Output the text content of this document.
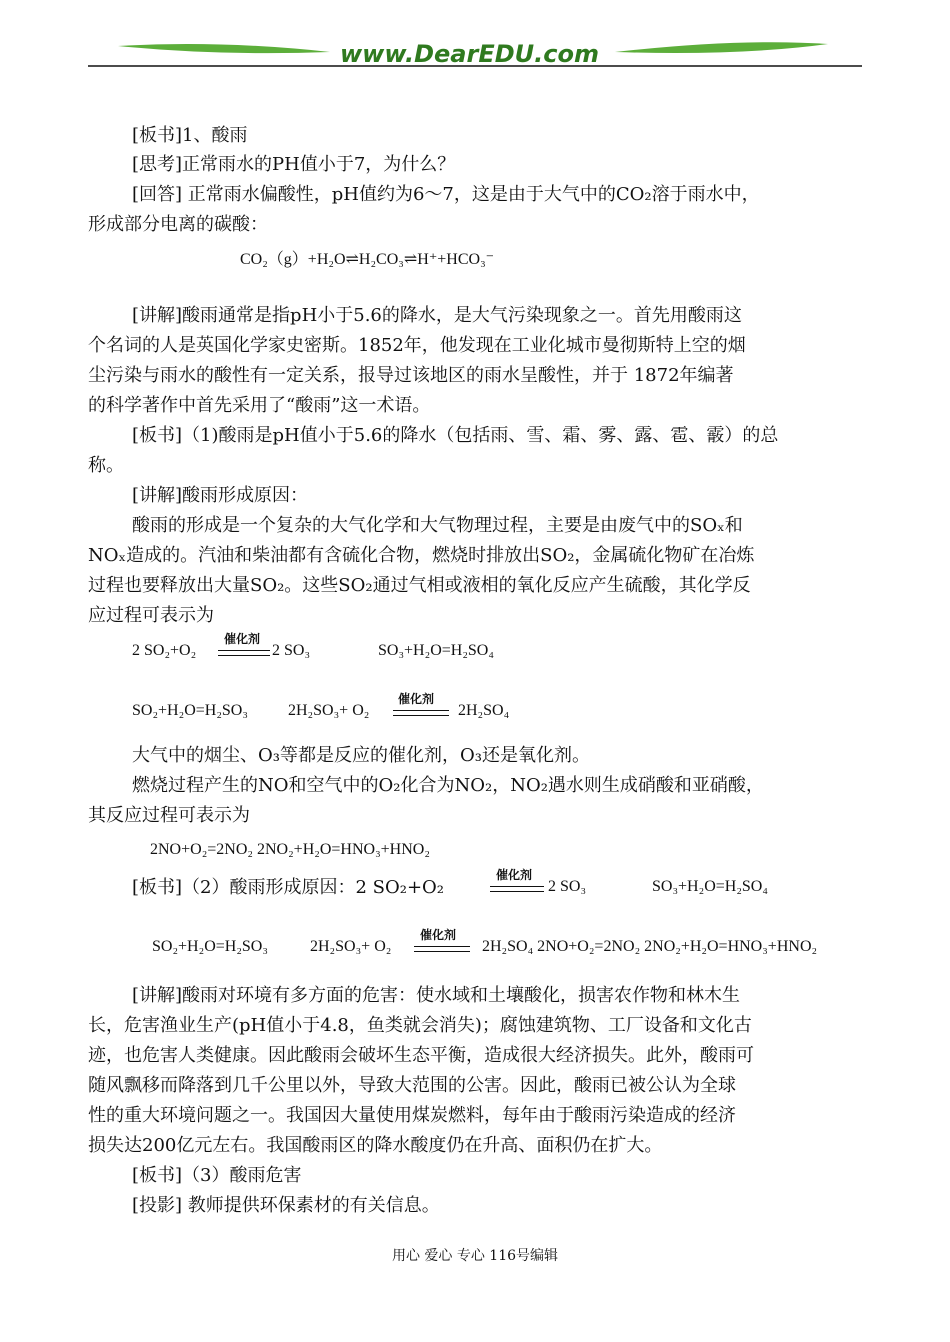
www.DearEDU.com
[板书]1、酸雨
[思考]正常雨水的PH值小于7，为什么？
[回答] 正常雨水偏酸性，pH值约为6～7，这是由于大气中的CO₂溶于雨水中，
形成部分电离的碳酸：
CO₂（g）+H₂O⇌H₂CO₃⇌H⁺+HCO₃⁻
[讲解]酸雨通常是指pH小于5.6的降水，是大气污染现象之一。首先用酸雨这
个名词的人是英国化学家史密斯。1852年，他发现在工业化城市曼彻斯特上空的烟
尘污染与雨水的酸性有一定关系，报导过该地区的雨水呈酸性，并于 1872年编著
的科学著作中首先采用了“酸雨”这一术语。
[板书]（1)酸雨是pH值小于5.6的降水（包括雨、雪、霜、雾、露、雹、霰）的总
称。
[讲解]酸雨形成原因：
酸雨的形成是一个复杂的大气化学和大气物理过程，主要是由废气中的SOₓ和
NOₓ造成的。汽油和柴油都有含硫化合物，燃烧时排放出SO₂，金属硫化物矿在冶炼
过程也要释放出大量SO₂。这些SO₂通过气相或液相的氧化反应产生硫酸，其化学反
应过程可表示为
2 SO₂+O₂
催化剂
2 SO₃	SO₃+H₂O=H₂SO₄
SO₂+H₂O=H₂SO₃	2H₂SO₃+ O₂
催化剂
2H₂SO₄
大气中的烟尘、O₃等都是反应的催化剂，O₃还是氧化剂。
燃烧过程产生的NO和空气中的O₂化合为NO₂，NO₂遇水则生成硝酸和亚硝酸，
其反应过程可表示为
2NO+O₂=2NO₂ 2NO₂+H₂O=HNO₃+HNO₂
[板书]（2）酸雨形成原因：2 SO₂+O₂
催化剂
2 SO₃	SO₃+H₂O=H₂SO₄
SO₂+H₂O=H₂SO₃	2H₂SO₃+ O₂
催化剂
2H₂SO₄ 2NO+O₂=2NO₂ 2NO₂+H₂O=HNO₃+HNO₂
[讲解]酸雨对环境有多方面的危害：使水域和土壤酸化，损害农作物和林木生
长，危害渔业生产(pH值小于4.8，鱼类就会消失)；腐蚀建筑物、工厂设备和文化古
迹，也危害人类健康。因此酸雨会破坏生态平衡，造成很大经济损失。此外，酸雨可
随风飘移而降落到几千公里以外，导致大范围的公害。因此，酸雨已被公认为全球
性的重大环境问题之一。我国因大量使用煤炭燃料，每年由于酸雨污染造成的经济
损失达200亿元左右。我国酸雨区的降水酸度仍在升高、面积仍在扩大。
[板书]（3）酸雨危害
[投影] 教师提供环保素材的有关信息。
用心 爱心 专心 116号编辑
